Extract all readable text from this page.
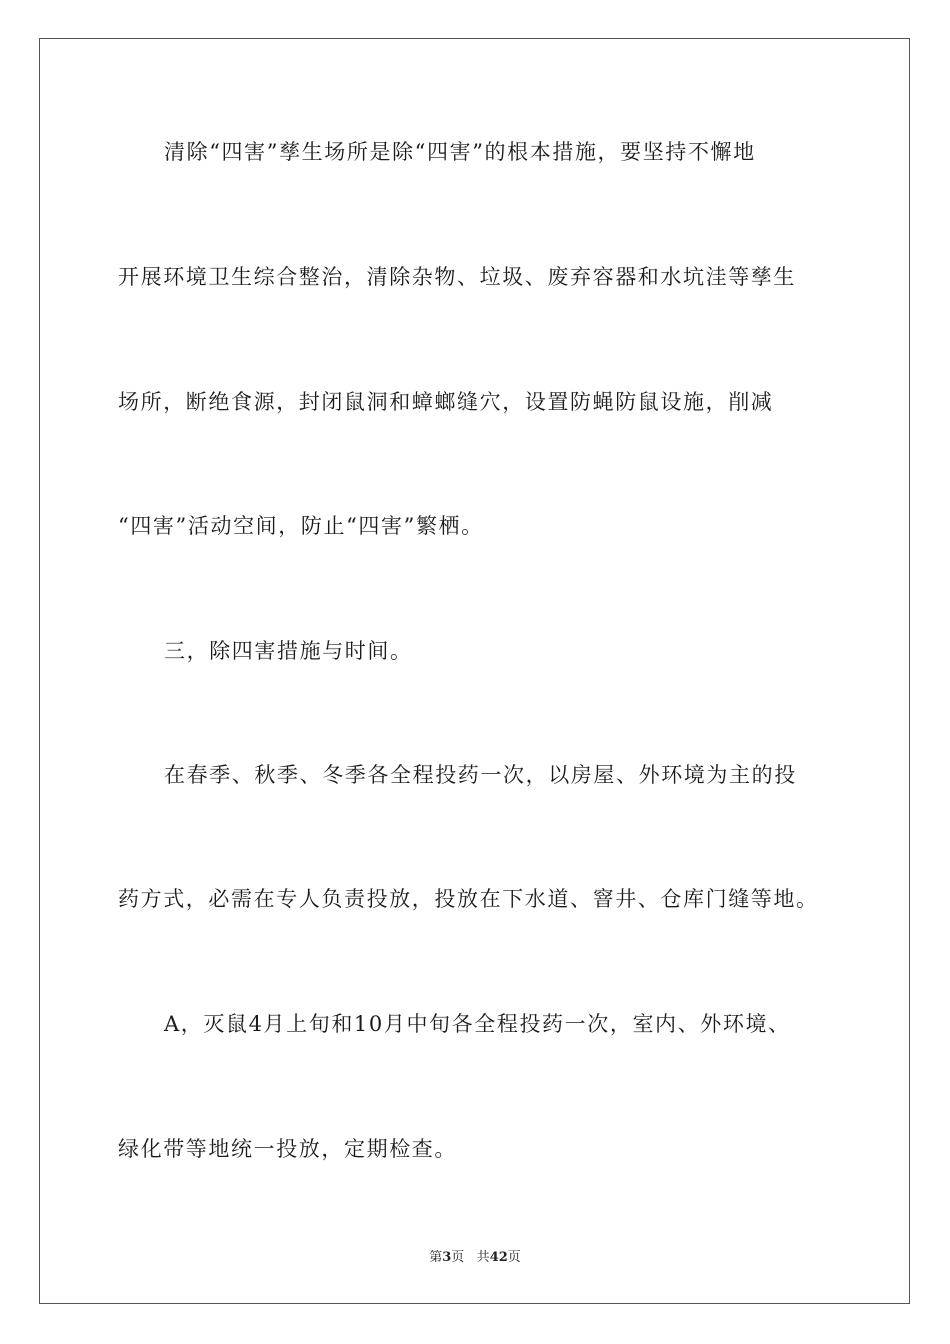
清除“四害”孳生场所是除“四害”的根本措施，要坚持不懈地
开展环境卫生综合整治，清除杂物、垃圾、废弃容器和水坑洼等孳生
场所，断绝食源，封闭鼠洞和蟑螂缝穴，设置防蝇防鼠设施，削减
“四害”活动空间，防止“四害”繁栖。
三，除四害措施与时间。
在春季、秋季、冬季各全程投药一次，以房屋、外环境为主的投
药方式，必需在专人负责投放，投放在下水道、窨井、仓库门缝等地。
A，灭鼠4月上旬和10月中旬各全程投药一次，室内、外环境、
绿化带等地统一投放，定期检查。
第3页 共42页
